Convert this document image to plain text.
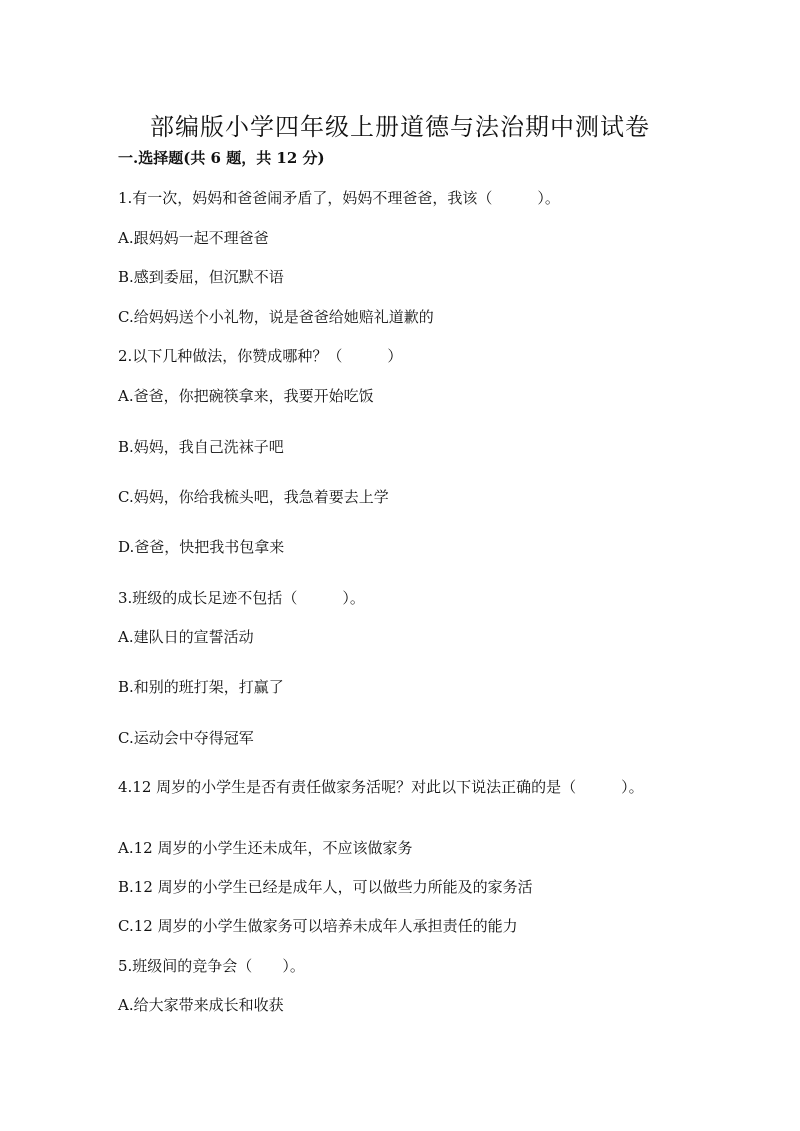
部编版小学四年级上册道德与法治期中测试卷
一.选择题(共 6 题，共 12 分)
1.有一次，妈妈和爸爸闹矛盾了，妈妈不理爸爸，我该（　　　）。
A.跟妈妈一起不理爸爸
B.感到委屈，但沉默不语
C.给妈妈送个小礼物，说是爸爸给她赔礼道歉的
2.以下几种做法，你赞成哪种？（　　　）
A.爸爸，你把碗筷拿来，我要开始吃饭
B.妈妈，我自己洗袜子吧
C.妈妈，你给我梳头吧，我急着要去上学
D.爸爸，快把我书包拿来
3.班级的成长足迹不包括（　　　）。
A.建队日的宣誓活动
B.和别的班打架，打赢了
C.运动会中夺得冠军
4.12 周岁的小学生是否有责任做家务活呢？对此以下说法正确的是（　　　）。
A.12 周岁的小学生还未成年，不应该做家务
B.12 周岁的小学生已经是成年人，可以做些力所能及的家务活
C.12 周岁的小学生做家务可以培养未成年人承担责任的能力
5.班级间的竞争会（　　）。
A.给大家带来成长和收获
